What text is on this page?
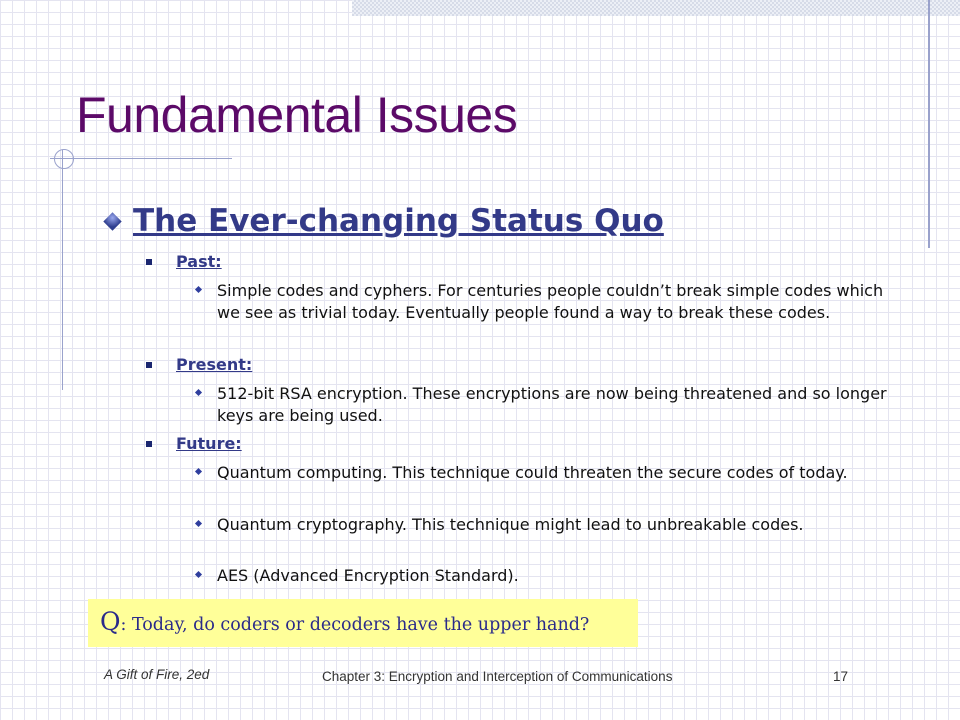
Fundamental Issues
The Ever-changing Status Quo
Past:
Simple codes and cyphers. For centuries people couldn’t break simple codes which we see as trivial today. Eventually people found a way to break these codes.
Present:
512-bit RSA encryption. These encryptions are now being threatened and so longer keys are being used.
Future:
Quantum computing. This technique could threaten the secure codes of today.
Quantum cryptography. This technique might lead to unbreakable codes.
AES (Advanced Encryption Standard).
Q: Today, do coders or decoders have the upper hand?
A Gift of Fire, 2ed	Chapter 3: Encryption and Interception of Communications	17
